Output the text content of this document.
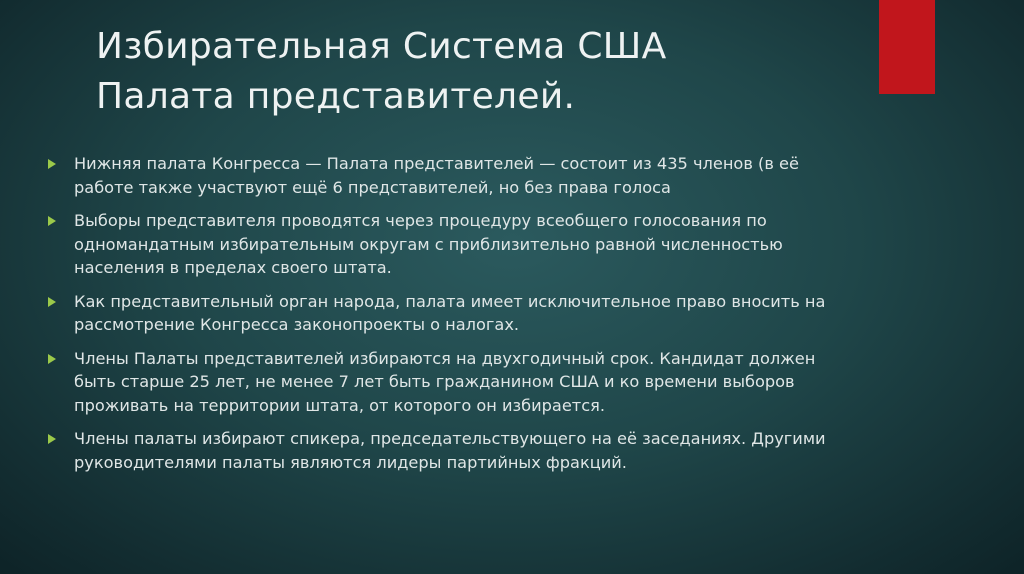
Избирательная Система США
Палата представителей.
Нижняя палата Конгресса — Палата представителей — состоит из 435 членов (в её работе также участвуют ещё 6 представителей, но без права голоса
Выборы представителя проводятся через процедуру всеобщего голосования по одномандатным избирательным округам с приблизительно равной численностью населения в пределах своего штата.
Как представительный орган народа, палата имеет исключительное право вносить на рассмотрение Конгресса законопроекты о налогах.
Члены Палаты представителей избираются на двухгодичный срок. Кандидат должен быть старше 25 лет, не менее 7 лет быть гражданином США и ко времени выборов проживать на территории штата, от которого он избирается.
Члены палаты избирают спикера, председательствующего на её заседаниях. Другими руководителями палаты являются лидеры партийных фракций.
